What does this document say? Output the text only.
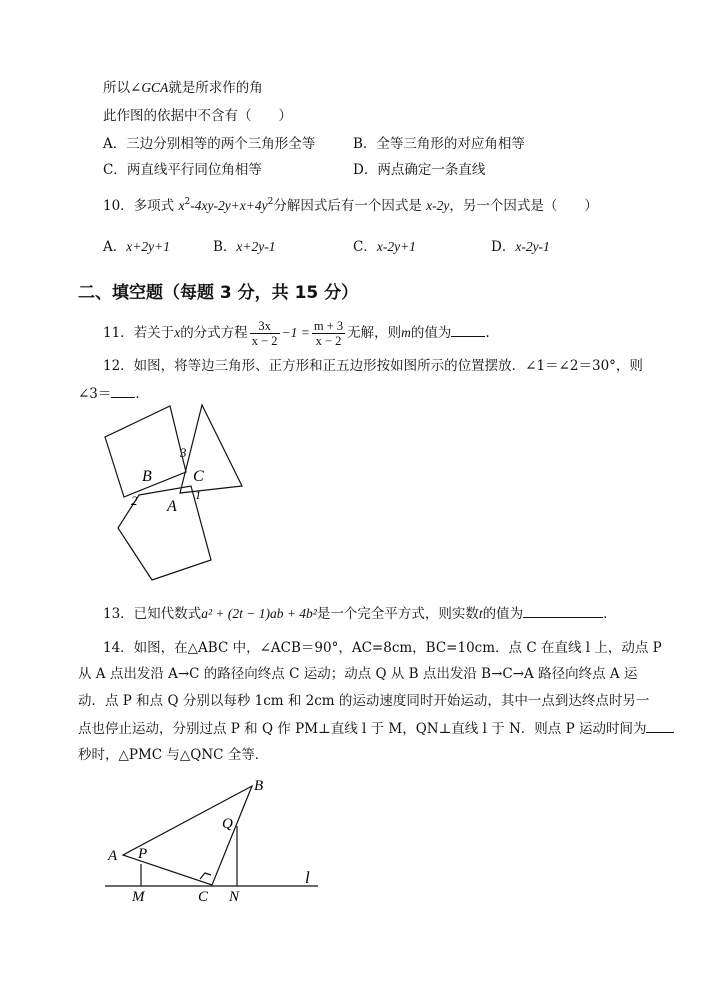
所以∠GCA就是所求作的角
此作图的依据中不含有（　　）
A．三边分别相等的两个三角形全等	B．全等三角形的对应角相等
C．两直线平行同位角相等	D．两点确定一条直线
10．多项式 $x^2-4xy-2y+x+4y^2$分解因式后有一个因式是 x-2y，另一个因式是（　　）
A．x+2y+1	B．x+2y-1	C．x-2y+1	D．x-2y-1
二、填空题（每题 3 分，共 15 分）
11．若关于x的分式方程 $\frac{3x}{x - 2} -1 = \frac{m + 3}{x - 2}$ 无解，则m的值为	.
12．如图，将等边三角形、正方形和正五边形按如图所示的位置摆放．∠1＝∠2＝30°，则
∠3＝ ．
B	C
A
3
2	1
13．已知代数式a² + (2t − 1)ab + 4b²是一个完全平方式，则实数t的值为	．
14．如图，在△ABC 中，∠ACB＝90°，AC=8cm，BC=10cm．点 C 在直线 l 上，动点 P
从 A 点出发沿 A→C 的路径向终点 C 运动；动点 Q 从 B 点出发沿 B→C→A 路径向终点 A 运
动．点 P 和点 Q 分别以每秒 1cm 和 2cm 的运动速度同时开始运动，其中一点到达终点时另一
点也停止运动，分别过点 P 和 Q 作 PM⊥直线 l 于 M，QN⊥直线 l 于 N．则点 P 运动时间为
秒时，△PMC 与△QNC 全等．
A P
B
Q
M	C N
l
